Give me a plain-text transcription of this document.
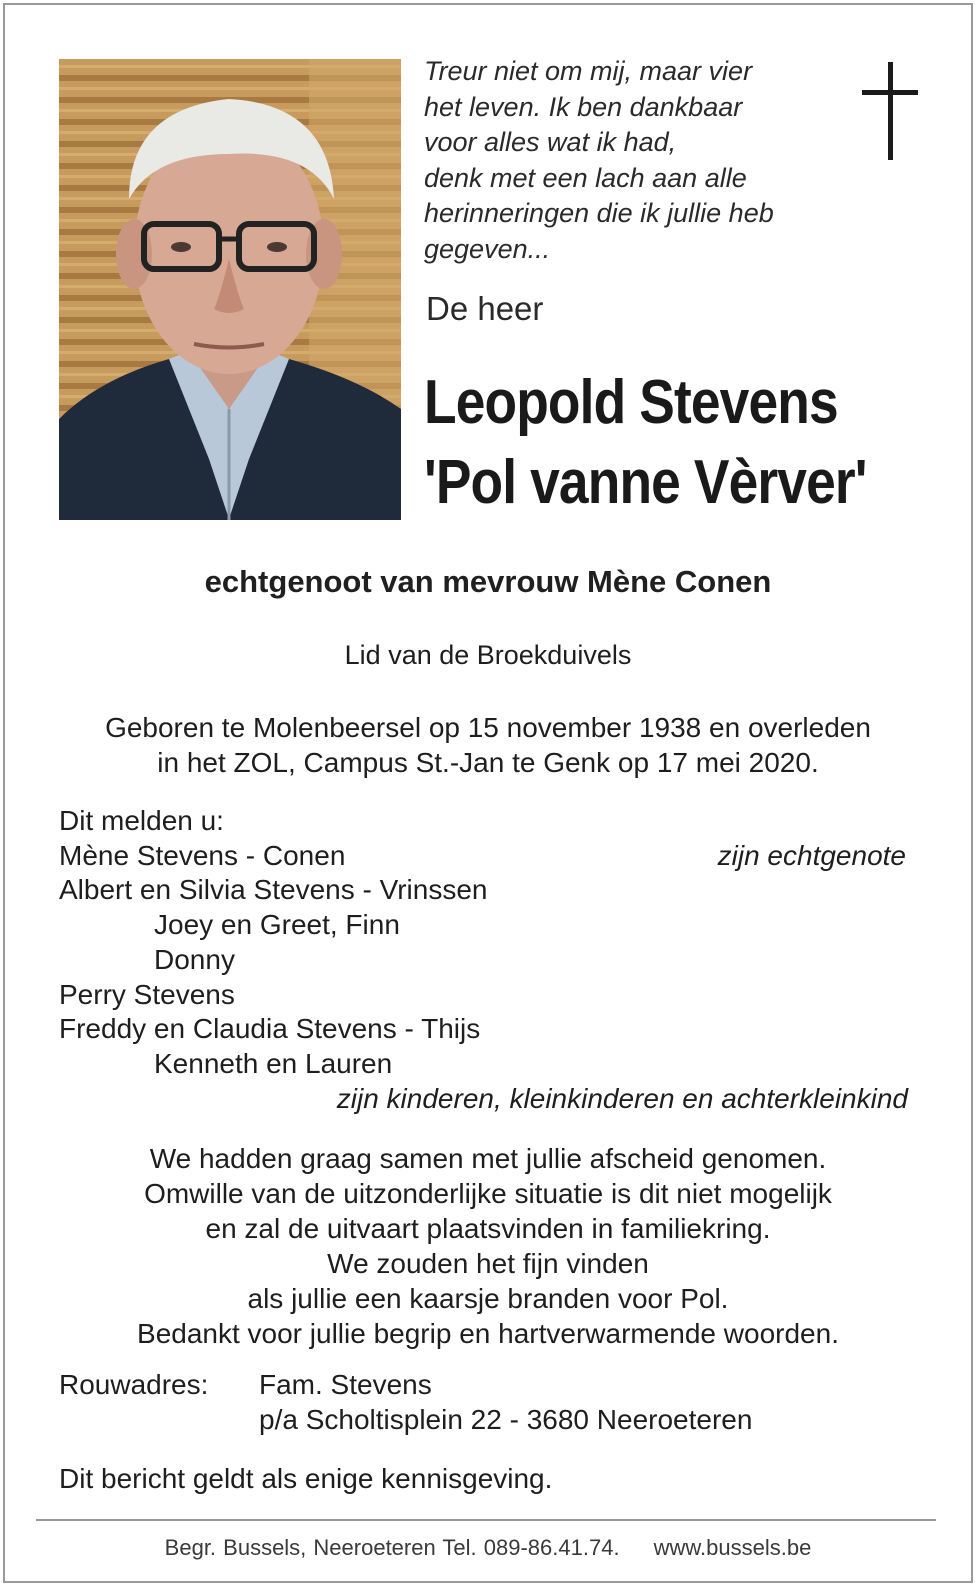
Treur niet om mij, maar vier
het leven. Ik ben dankbaar
voor alles wat ik had,
denk met een lach aan alle
herinneringen die ik jullie heb
gegeven...
De heer
Leopold Stevens
'Pol vanne Vèrver'
echtgenoot van mevrouw Mène Conen
Lid van de Broekduivels
Geboren te Molenbeersel op 15 november 1938 en overleden
in het ZOL, Campus St.-Jan te Genk op 17 mei 2020.
Dit melden u:
Mène Stevens - Conen	zijn echtgenote
Albert en Silvia Stevens - Vrinssen
Joey en Greet, Finn
Donny
Perry Stevens
Freddy en Claudia Stevens - Thijs
Kenneth en Lauren
zijn kinderen, kleinkinderen en achterkleinkind
We hadden graag samen met jullie afscheid genomen.
Omwille van de uitzonderlijke situatie is dit niet mogelijk
en zal de uitvaart plaatsvinden in familiekring.
We zouden het fijn vinden
als jullie een kaarsje branden voor Pol.
Bedankt voor jullie begrip en hartverwarmende woorden.
Rouwadres: Fam. Stevens
p/a Scholtisplein 22 - 3680 Neeroeteren
Dit bericht geldt als enige kennisgeving.
Begr. Bussels, Neeroeteren Tel. 089-86.41.74. www.bussels.be
